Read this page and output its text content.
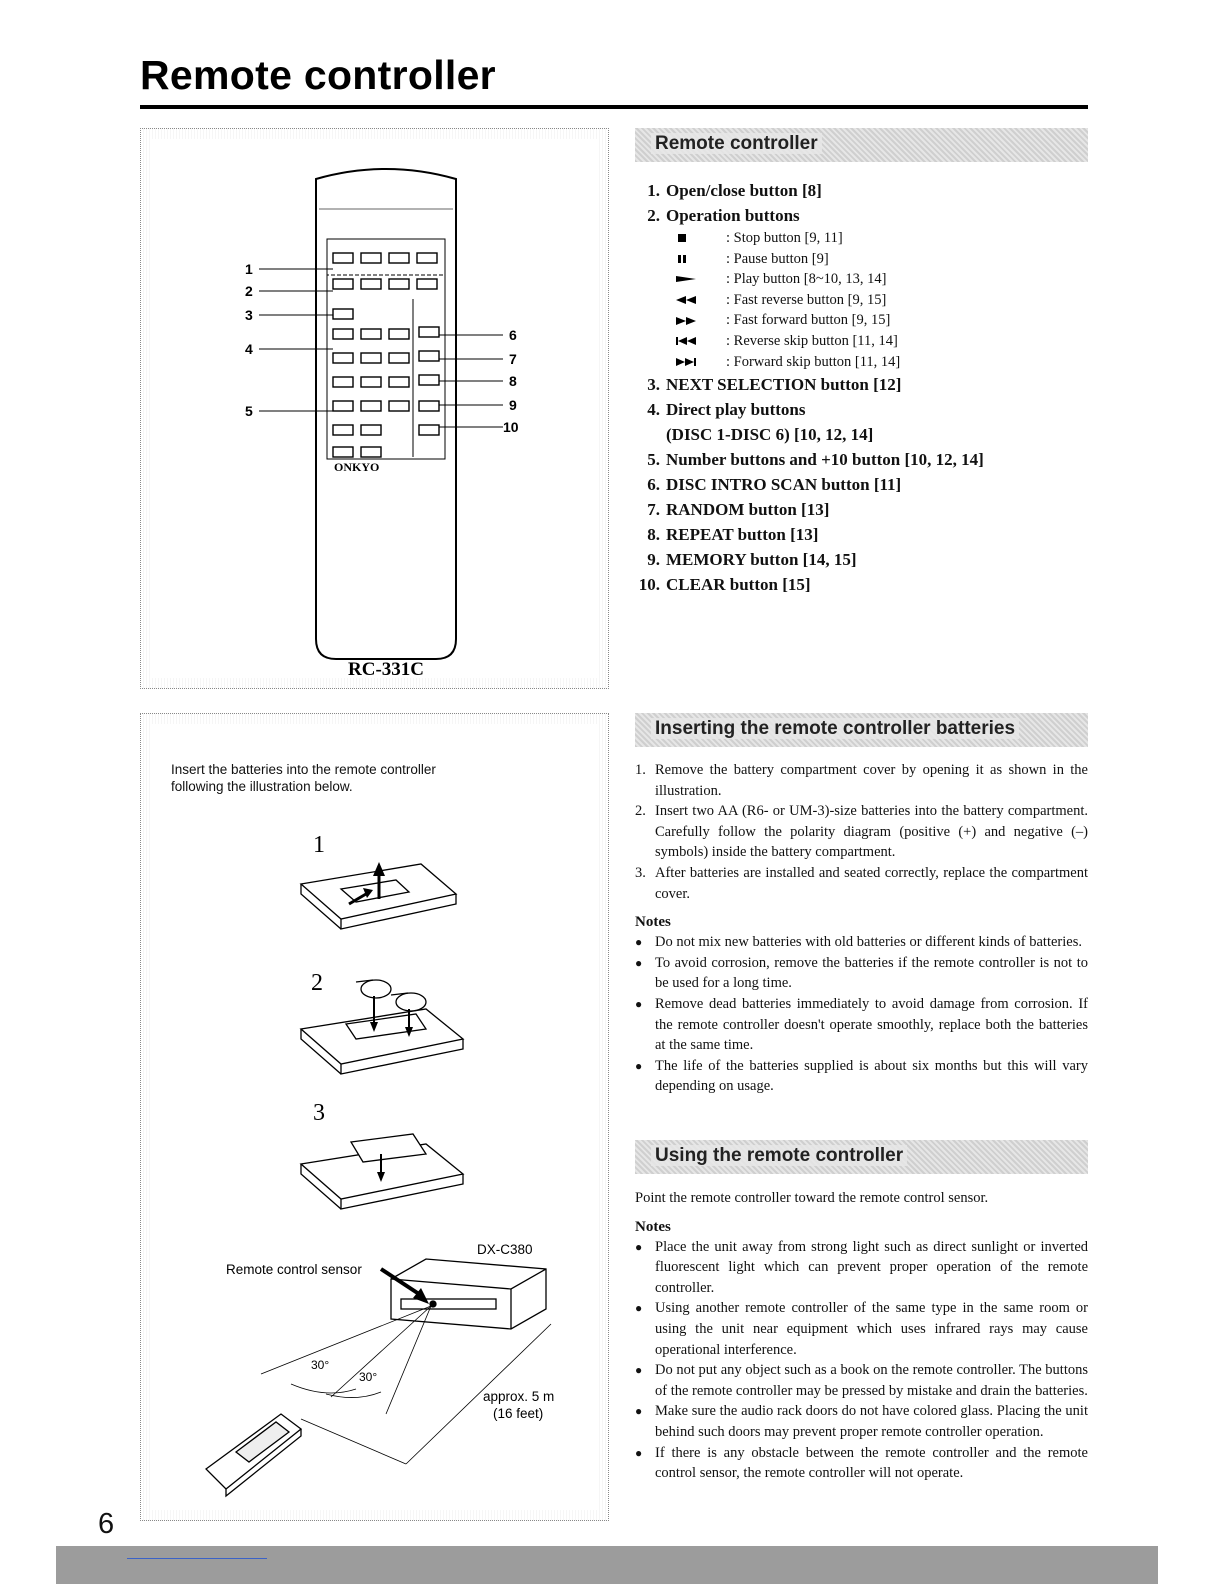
Remote controller
ONKYO
1
2
3
4
5
6
7
8
9
10
RC-331C
Remote controller
1. Open/close button [8]
2. Operation buttons
: Stop button [9, 11]
: Pause button [9]
: Play button [8~10, 13, 14]
: Fast reverse button [9, 15]
: Fast forward button [9, 15]
: Reverse skip button [11, 14]
: Forward skip button [11, 14]
3. NEXT SELECTION button [12]
4. Direct play buttons
(DISC 1-DISC 6) [10, 12, 14]
5. Number buttons and +10 button [10, 12, 14]
6. DISC INTRO SCAN button [11]
7. RANDOM button [13]
8. REPEAT button [13]
9. MEMORY button [14, 15]
10. CLEAR button [15]
Insert the batteries into the remote controller following the illustration below.
1
2
3
DX-C380
Remote control sensor
30°
30°
approx. 5 m
(16 feet)
Inserting the remote controller batteries
1. Remove the battery compartment cover by opening it as shown in the illustration.
2. Insert two AA (R6- or UM-3)-size batteries into the battery compartment. Carefully follow the polarity diagram (positive (+) and negative (–) symbols) inside the battery compartment.
3. After batteries are installed and seated correctly, replace the compartment cover.
Notes
● Do not mix new batteries with old batteries or different kinds of batteries.
● To avoid corrosion, remove the batteries if the remote controller is not to be used for a long time.
● Remove dead batteries immediately to avoid damage from corrosion. If the remote controller doesn't operate smoothly, replace both the batteries at the same time.
● The life of the batteries supplied is about six months but this will vary depending on usage.
Using the remote controller
Point the remote controller toward the remote control sensor.
Notes
● Place the unit away from strong light such as direct sunlight or inverted fluorescent light which can prevent proper operation of the remote controller.
● Using another remote controller of the same type in the same room or using the unit near equipment which uses infrared rays may cause operational interference.
● Do not put any object such as a book on the remote controller. The buttons of the remote controller may be pressed by mistake and drain the batteries.
● Make sure the audio rack doors do not have colored glass. Placing the unit behind such doors may prevent proper remote controller operation.
● If there is any obstacle between the remote controller and the remote control sensor, the remote controller will not operate.
6
